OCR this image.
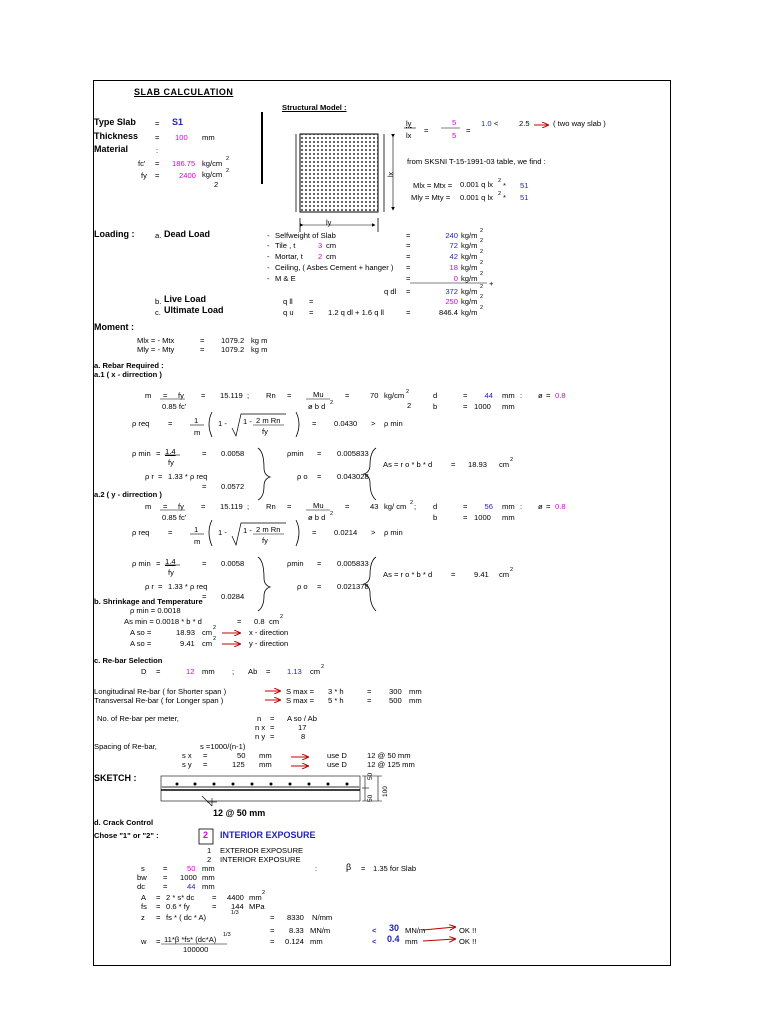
SLAB CALCULATION
Type Slab	= S1
Thickness = 100 mm
Material	:
fc' = 186.75 kg/cm 2
fy =	2400 kg/cm 2
2
Structural Model :
lx
ly
ly
lx
=
5
5
=
1.0 <	2.5	( two way slab )
from SKSNI T-15-1991-03 table, we find :
Mlx = Mtx = 0.001 q lx 2 * 51
Mly = Mty = 0.001 q lx 2 * 51
Loading :	a. Dead Load	- Selfweight of Slab	=	240 kg/m 2
- Tile , t	3 cm	=	72 kg/m 2
- Mortar, t 2 cm	=	42 kg/m 2
- Ceiling, ( Asbes Cement + hanger ) =	18 kg/m 2
- M & E	=	0 kg/m 2
+
q dl =	372 kg/m 2
b. Live Load	q ll =	250 kg/m 2
c. Ultimate Load	q u = 1.2 q dl + 1.6 q ll	=	846.4 kg/m 2
Moment :
Mlx = - Mtx	= 1079.2 kg m
Mly = - Mty	= 1079.2 kg m
a. Rebar Required :
a.1 ( x - dirrection )
m = fy
0.85 fc'
= 15.119 ; Rn =	Mu
ø b d 2
=	70 kg/cm 2
2
d	=	44 mm : ø = 0.8
b	= 1000 mm
ρ req =	1
m
1 - 1 - 2 m Rn
fy
= 0.0430 > ρ min
ρ min = 1.4
fy
= 0.0058	ρmin = 0.005833
As = r o * b * d = 18.93 cm 2
ρ r = 1.33 * ρ req	ρ o = 0.043028
= 0.0572
a.2 ( y - dirrection )
m = fy
0.85 fc'
= 15.119 ; Rn =	Mu
ø b d 2
=	43 kg/ cm 2 ; d	=	56 mm : ø = 0.8
b	= 1000 mm
ρ req =	1
m
1 - 1 - 2 m Rn
fy
= 0.0214 > ρ min
ρ min = 1.4
fy
= 0.0058	ρmin = 0.005833
As = r o * b * d = 9.41 cm 2
ρ r = 1.33 * ρ req	ρ o = 0.021378
= 0.0284
b. Shrinkage and Temperature
ρ min = 0.0018
As min = 0.0018 * b * d	= 0.8 cm 2
A so =	18.93 cm 2	x - direction
A so =	9.41 cm 2	y - direction
c. Re-bar Selection
D =	12 mm ; Ab = 1.13 cm 2
Longitudinal Re-bar ( for Shorter span )	S max = 3 * h	= 300 mm
Transversal Re-bar ( for Longer span )	S max = 5 * h	= 500 mm
No. of Re-bar per meter,	n = A so / Ab
n x =	17
n y =	8
Spacing of Re-bar,	s =1000/(n-1)
s x =	50 mm	use D	12 @ 50 mm
s y =	125 mm	use D	12 @ 125 mm
SKETCH :	50
50
100
12 @ 50 mm
d. Crack Control
Chose "1" or "2" :	2 INTERIOR EXPOSURE
1 EXTERIOR EXPOSURE
2 INTERIOR EXPOSURE
s =	50 mm	:	β = 1.35 for Slab
bw = 1000 mm
dc =	44 mm
A = 2 * s* dc = 4400 mm 2
fs = 0.6 * fy	= 144 MPa
z = fs * ( dc * A)	1/3	= 8330 N/mm
= 8.33 MN/m	< 30 MN/m	OK !!
w = 11*β *fs* (dc*A) 1/3
100000
= 0.124 mm	< 0.4 mm	OK !!
